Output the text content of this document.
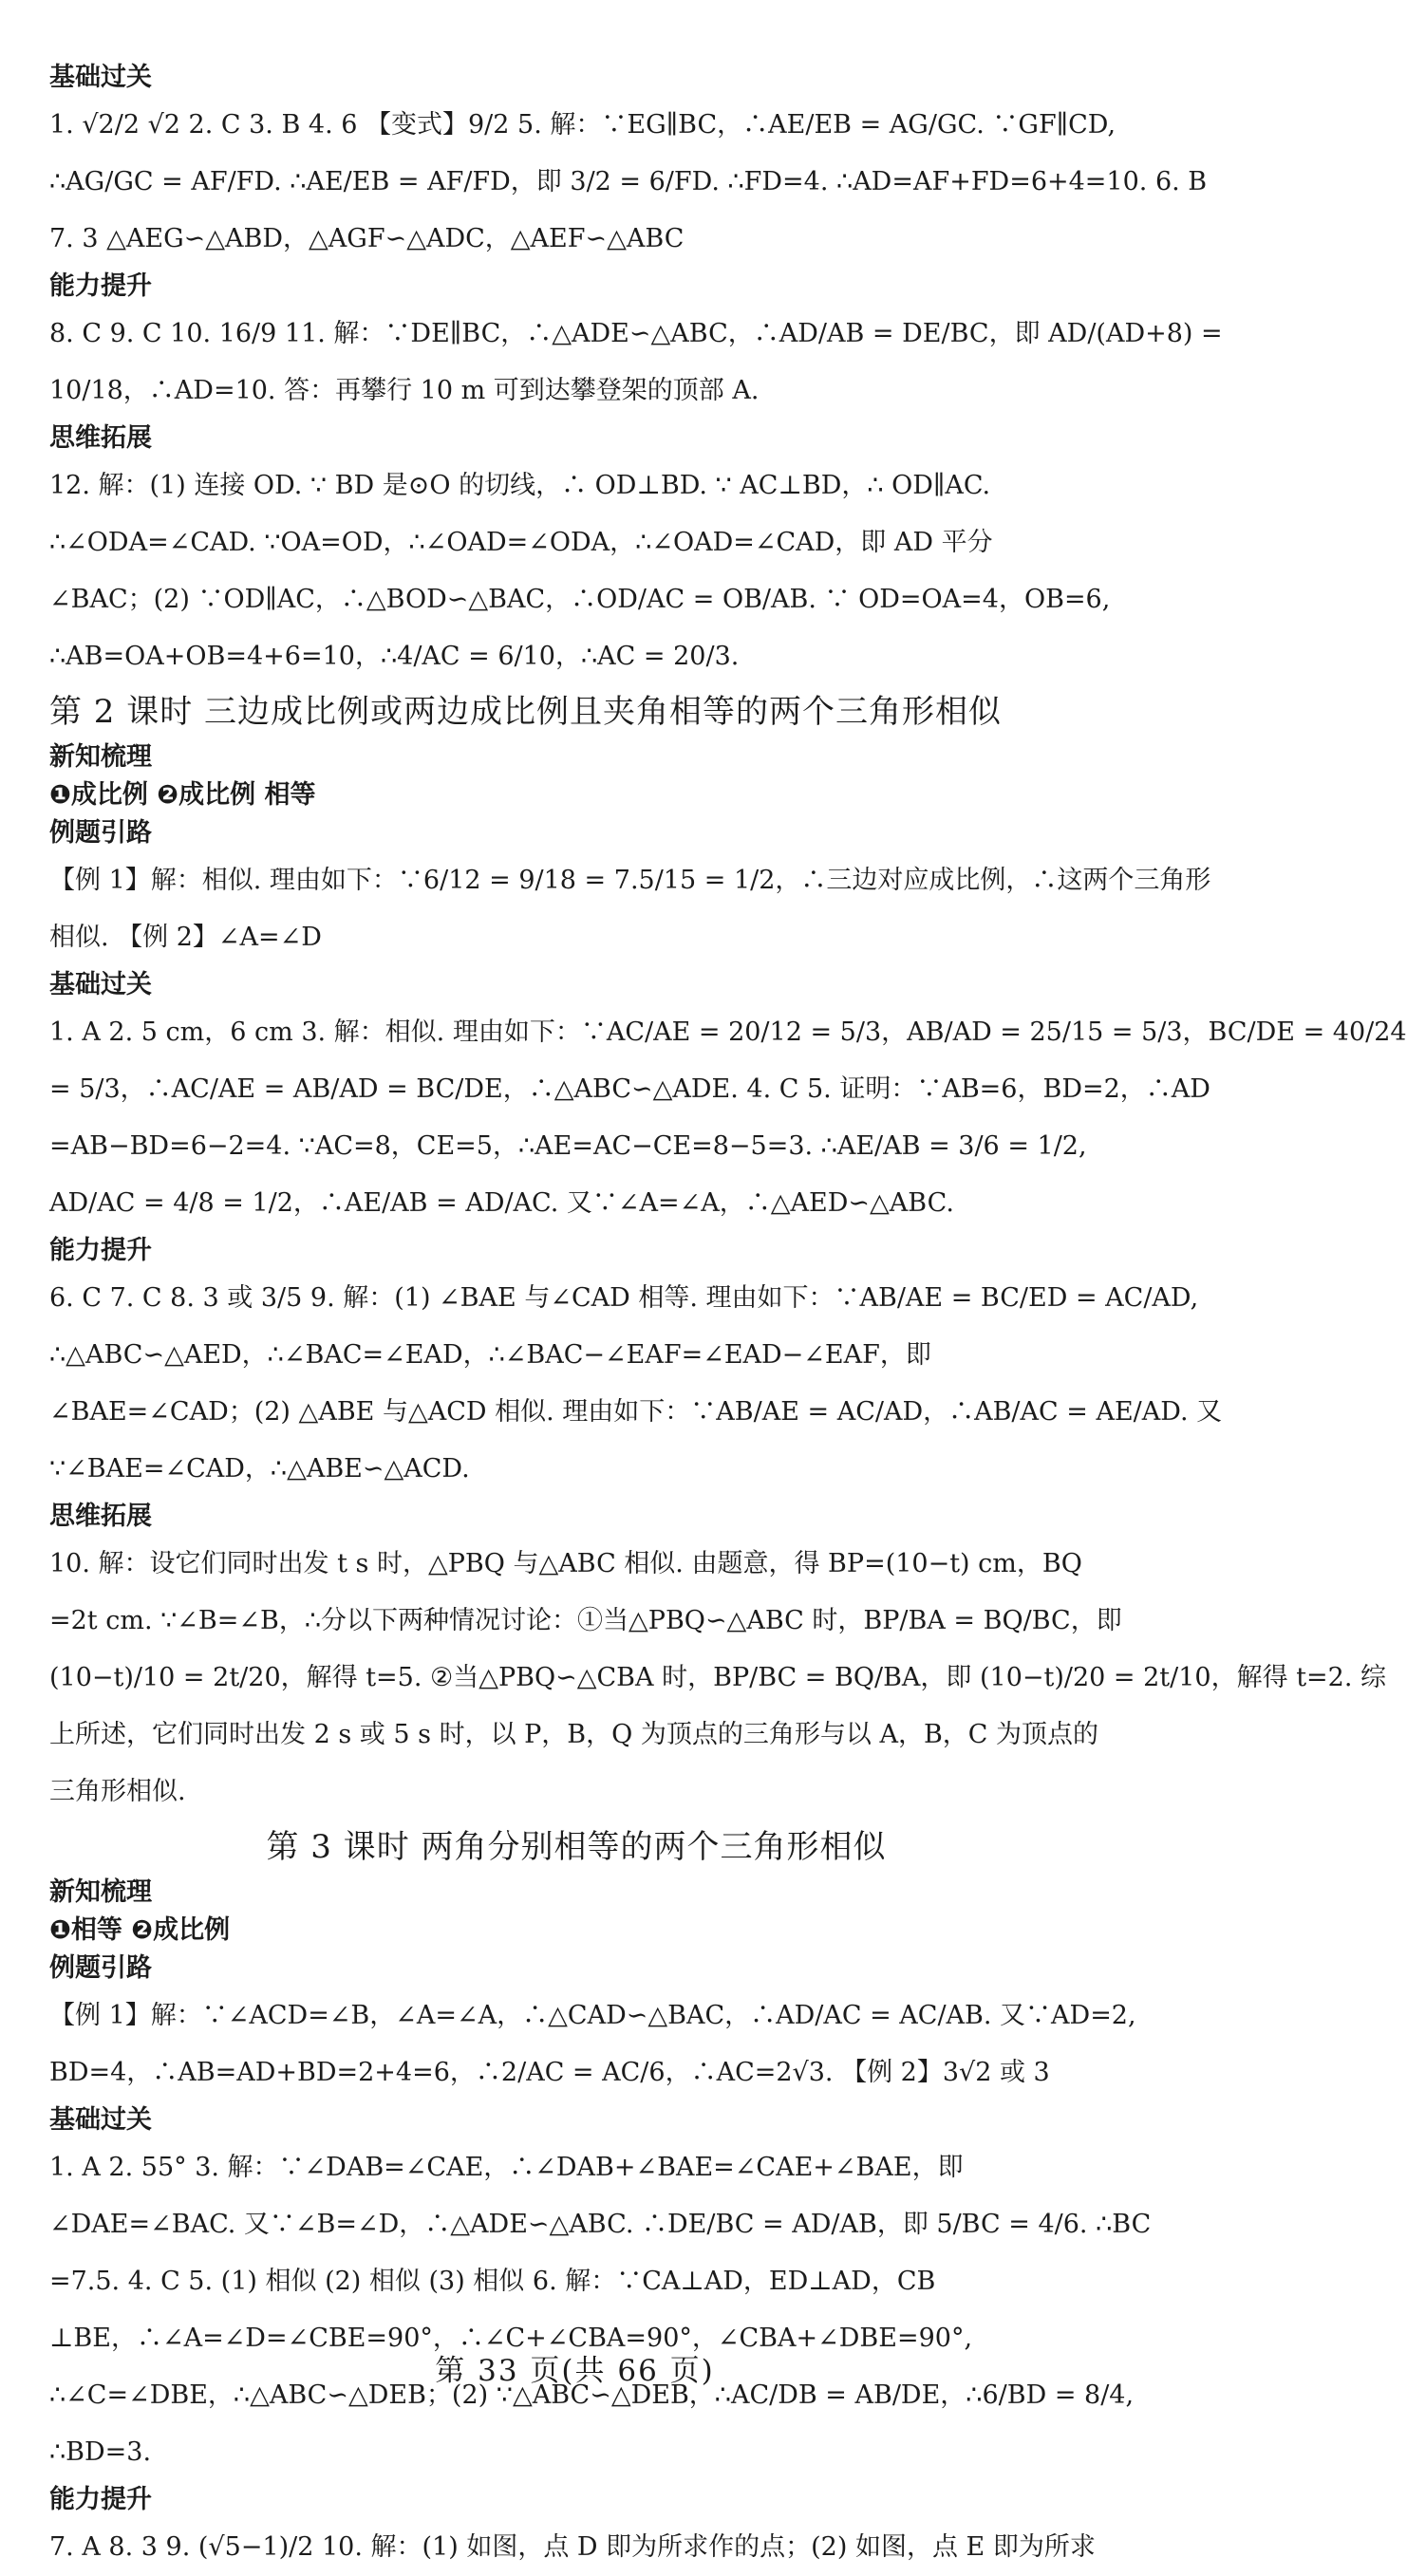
基础过关
1. √2/2 √2 2. C 3. B 4. 6 【变式】9/2 5. 解：∵EG∥BC，∴AE/EB = AG/GC. ∵GF∥CD,
∴AG/GC = AF/FD. ∴AE/EB = AF/FD，即 3/2 = 6/FD. ∴FD=4. ∴AD=AF+FD=6+4=10. 6. B
7. 3 △AEG∽△ABD，△AGF∽△ADC，△AEF∽△ABC
能力提升
8. C 9. C 10. 16/9 11. 解：∵DE∥BC，∴△ADE∽△ABC，∴AD/AB = DE/BC，即 AD/(AD+8) =
10/18，∴AD=10. 答：再攀行 10 m 可到达攀登架的顶部 A.
思维拓展
12. 解：(1) 连接 OD. ∵ BD 是⊙O 的切线，∴ OD⊥BD. ∵ AC⊥BD，∴ OD∥AC.
∴∠ODA=∠CAD. ∵OA=OD，∴∠OAD=∠ODA，∴∠OAD=∠CAD，即 AD 平分
∠BAC；(2) ∵OD∥AC，∴△BOD∽△BAC，∴OD/AC = OB/AB. ∵ OD=OA=4，OB=6,
∴AB=OA+OB=4+6=10，∴4/AC = 6/10，∴AC = 20/3.
第 2 课时 三边成比例或两边成比例且夹角相等的两个三角形相似
新知梳理
❶成比例 ❷成比例 相等
例题引路
【例 1】解：相似. 理由如下：∵6/12 = 9/18 = 7.5/15 = 1/2，∴三边对应成比例，∴这两个三角形
相似. 【例 2】∠A=∠D
基础过关
1. A 2. 5 cm，6 cm 3. 解：相似. 理由如下：∵AC/AE = 20/12 = 5/3，AB/AD = 25/15 = 5/3，BC/DE = 40/24
= 5/3，∴AC/AE = AB/AD = BC/DE，∴△ABC∽△ADE. 4. C 5. 证明：∵AB=6，BD=2，∴AD
=AB−BD=6−2=4. ∵AC=8，CE=5，∴AE=AC−CE=8−5=3. ∴AE/AB = 3/6 = 1/2,
AD/AC = 4/8 = 1/2，∴AE/AB = AD/AC. 又∵∠A=∠A，∴△AED∽△ABC.
能力提升
6. C 7. C 8. 3 或 3/5 9. 解：(1) ∠BAE 与∠CAD 相等. 理由如下：∵AB/AE = BC/ED = AC/AD,
∴△ABC∽△AED，∴∠BAC=∠EAD，∴∠BAC−∠EAF=∠EAD−∠EAF，即
∠BAE=∠CAD；(2) △ABE 与△ACD 相似. 理由如下：∵AB/AE = AC/AD，∴AB/AC = AE/AD. 又
∵∠BAE=∠CAD，∴△ABE∽△ACD.
思维拓展
10. 解：设它们同时出发 t s 时，△PBQ 与△ABC 相似. 由题意，得 BP=(10−t) cm，BQ
=2t cm. ∵∠B=∠B，∴分以下两种情况讨论：①当△PBQ∽△ABC 时，BP/BA = BQ/BC，即
(10−t)/10 = 2t/20，解得 t=5. ②当△PBQ∽△CBA 时，BP/BC = BQ/BA，即 (10−t)/20 = 2t/10，解得 t=2. 综
上所述，它们同时出发 2 s 或 5 s 时，以 P，B，Q 为顶点的三角形与以 A，B，C 为顶点的
三角形相似.
第 3 课时 两角分别相等的两个三角形相似
新知梳理
❶相等 ❷成比例
例题引路
【例 1】解：∵∠ACD=∠B，∠A=∠A，∴△CAD∽△BAC，∴AD/AC = AC/AB. 又∵AD=2,
BD=4，∴AB=AD+BD=2+4=6，∴2/AC = AC/6，∴AC=2√3. 【例 2】3√2 或 3
基础过关
1. A 2. 55° 3. 解：∵∠DAB=∠CAE，∴∠DAB+∠BAE=∠CAE+∠BAE，即
∠DAE=∠BAC. 又∵∠B=∠D，∴△ADE∽△ABC. ∴DE/BC = AD/AB，即 5/BC = 4/6. ∴BC
=7.5. 4. C 5. (1) 相似 (2) 相似 (3) 相似 6. 解：∵CA⊥AD，ED⊥AD，CB
⊥BE，∴∠A=∠D=∠CBE=90°，∴∠C+∠CBA=90°，∠CBA+∠DBE=90°,
∴∠C=∠DBE，∴△ABC∽△DEB；(2) ∵△ABC∽△DEB，∴AC/DB = AB/DE，∴6/BD = 8/4,
∴BD=3.
能力提升
7. A 8. 3 9. (√5−1)/2 10. 解：(1) 如图，点 D 即为所求作的点；(2) 如图，点 E 即为所求
第 33 页(共 66 页)
